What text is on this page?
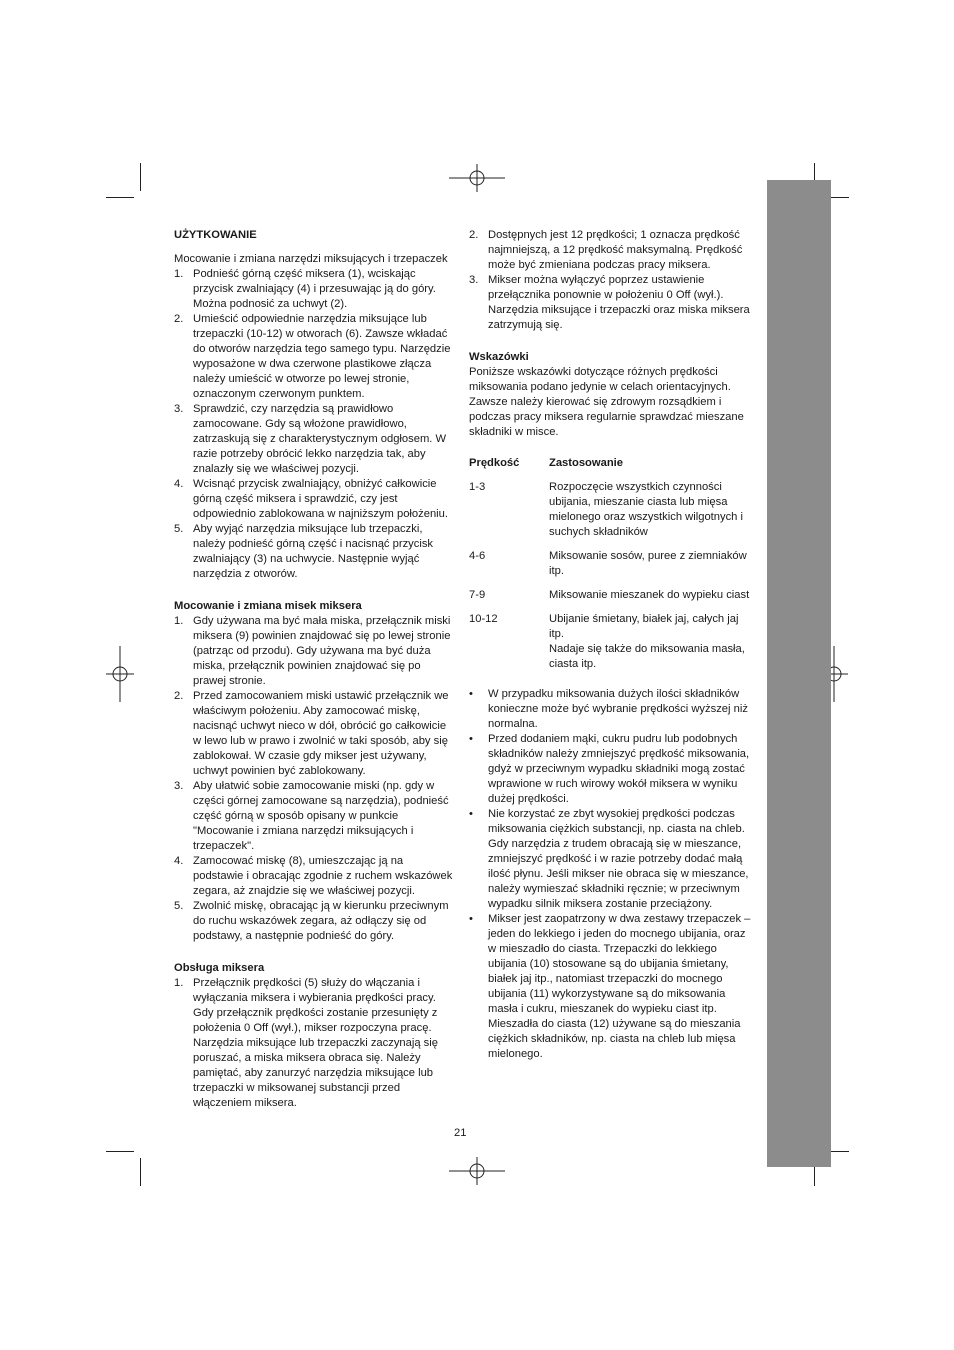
UŻYTKOWANIE

Mocowanie i zmiana narzędzi miksujących i trzepaczek

1. Podnieść górną część miksera (1), wciskając przycisk zwalniający (4) i przesuwając ją do góry. Można podnosić za uchwyt (2).
2. Umieścić odpowiednie narzędzia miksujące lub trzepaczki (10-12) w otworach (6). Zawsze wkładać do otworów narzędzia tego samego typu. Narzędzie wyposażone w dwa czerwone plastikowe złącza należy umieścić w otworze po lewej stronie, oznaczonym czerwonym punktem.
3. Sprawdzić, czy narzędzia są prawidłowo zamocowane. Gdy są włożone prawidłowo, zatrzaskują się z charakterystycznym odgłosem. W razie potrzeby obrócić lekko narzędzia tak, aby znalazły się we właściwej pozycji.
4. Wcisnąć przycisk zwalniający, obniżyć całkowicie górną część miksera i sprawdzić, czy jest odpowiednio zablokowana w najniższym położeniu.
5. Aby wyjąć narzędzia miksujące lub trzepaczki, należy podnieść górną część i nacisnąć przycisk zwalniający (3) na uchwycie. Następnie wyjąć narzędzia z otworów.

Mocowanie i zmiana misek miksera

1. Gdy używana ma być mała miska, przełącznik miski miksera (9) powinien znajdować się po lewej stronie (patrząc od przodu). Gdy używana ma być duża miska, przełącznik powinien znajdować się po prawej stronie.
2. Przed zamocowaniem miski ustawić przełącznik we właściwym położeniu. Aby zamocować miskę, nacisnąć uchwyt nieco w dół, obrócić go całkowicie w lewo lub w prawo i zwolnić w taki sposób, aby się zablokował. W czasie gdy mikser jest używany, uchwyt powinien być zablokowany.
3. Aby ułatwić sobie zamocowanie miski (np. gdy w części górnej zamocowane są narzędzia), podnieść część górną w sposób opisany w punkcie "Mocowanie i zmiana narzędzi miksujących i trzepaczek".
4. Zamocować miskę (8), umieszczając ją na podstawie i obracając zgodnie z ruchem wskazówek zegara, aż znajdzie się we właściwej pozycji.
5. Zwolnić miskę, obracając ją w kierunku przeciwnym do ruchu wskazówek zegara, aż odłączy się od podstawy, a następnie podnieść do góry.

Obsługa miksera

1. Przełącznik prędkości (5) służy do włączania i wyłączania miksera i wybierania prędkości pracy. Gdy przełącznik prędkości zostanie przesunięty z położenia 0 Off (wył.), mikser rozpoczyna pracę. Narzędzia miksujące lub trzepaczki zaczynają się poruszać, a miska miksera obraca się. Należy pamiętać, aby zanurzyć narzędzia miksujące lub trzepaczki w miksowanej substancji przed włączeniem miksera.
2. Dostępnych jest 12 prędkości; 1 oznacza prędkość najmniejszą, a 12 prędkość maksymalną. Prędkość może być zmieniana podczas pracy miksera.
3. Mikser można wyłączyć poprzez ustawienie przełącznika ponownie w położeniu 0 Off (wył.). Narzędzia miksujące i trzepaczki oraz miska miksera zatrzymują się.

Wskazówki

Poniższe wskazówki dotyczące różnych prędkości miksowania podano jedynie w celach orientacyjnych. Zawsze należy kierować się zdrowym rozsądkiem i podczas pracy miksera regularnie sprawdzać mieszane składniki w misce.

Prędkość	Zastosowanie
1-3	Rozpoczęcie wszystkich czynności ubijania, mieszanie ciasta lub mięsa mielonego oraz wszystkich wilgotnych i suchych składników

4-6	Miksowanie sosów, puree z ziemniaków itp.

7-9	Miksowanie mieszanek do wypieku ciast

10-12	Ubijanie śmietany, białek jaj, całych jaj itp.
Nadaje się także do miksowania masła, ciasta itp.
• W przypadku miksowania dużych ilości składników konieczne może być wybranie prędkości wyższej niż normalna.
• Przed dodaniem mąki, cukru pudru lub podobnych składników należy zmniejszyć prędkość miksowania, gdyż w przeciwnym wypadku składniki mogą zostać wprawione w ruch wirowy wokół miksera w wyniku dużej prędkości.
• Nie korzystać ze zbyt wysokiej prędkości podczas miksowania ciężkich substancji, np. ciasta na chleb. Gdy narzędzia z trudem obracają się w mieszance, zmniejszyć prędkość i w razie potrzeby dodać małą ilość płynu. Jeśli mikser nie obraca się w mieszance, należy wymieszać składniki ręcznie; w przeciwnym wypadku silnik miksera zostanie przeciążony.
• Mikser jest zaopatrzony w dwa zestawy trzepaczek – jeden do lekkiego i jeden do mocnego ubijania, oraz w mieszadło do ciasta. Trzepaczki do lekkiego ubijania (10) stosowane są do ubijania śmietany, białek jaj itp., natomiast trzepaczki do mocnego ubijania (11) wykorzystywane są do miksowania masła i cukru, mieszanek do wypieku ciast itp. Mieszadła do ciasta (12) używane są do mieszania ciężkich składników, np. ciasta na chleb lub mięsa mielonego.
21
